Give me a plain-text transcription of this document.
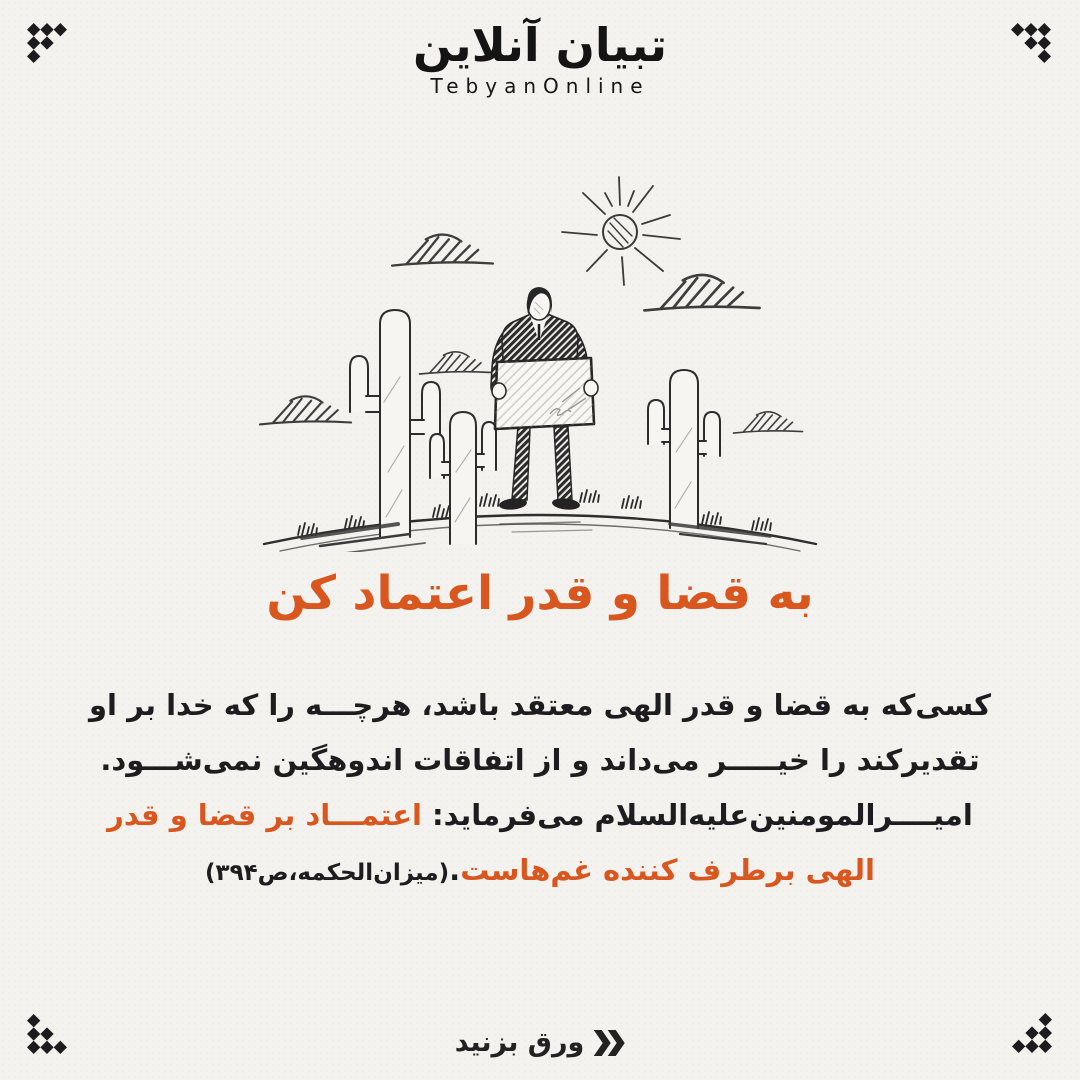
تبیان آنلاین
TebyanOnline
به قضا و قدر اعتماد کن
کسی‌که به قضا و قدر الهی معتقد باشد، هرچـــه را که خدا بر او
تقدیرکند را خیـــــر می‌داند و از اتفاقات اندوهگین نمی‌شـــود.
امیــــرالمومنین‌علیه‌السلام می‌فرماید: اعتمـــاد بر قضا و قدر
الهی برطرف کننده غم‌هاست.(میزان‌الحکمه،ص۳۹۴)
ورق بزنید
